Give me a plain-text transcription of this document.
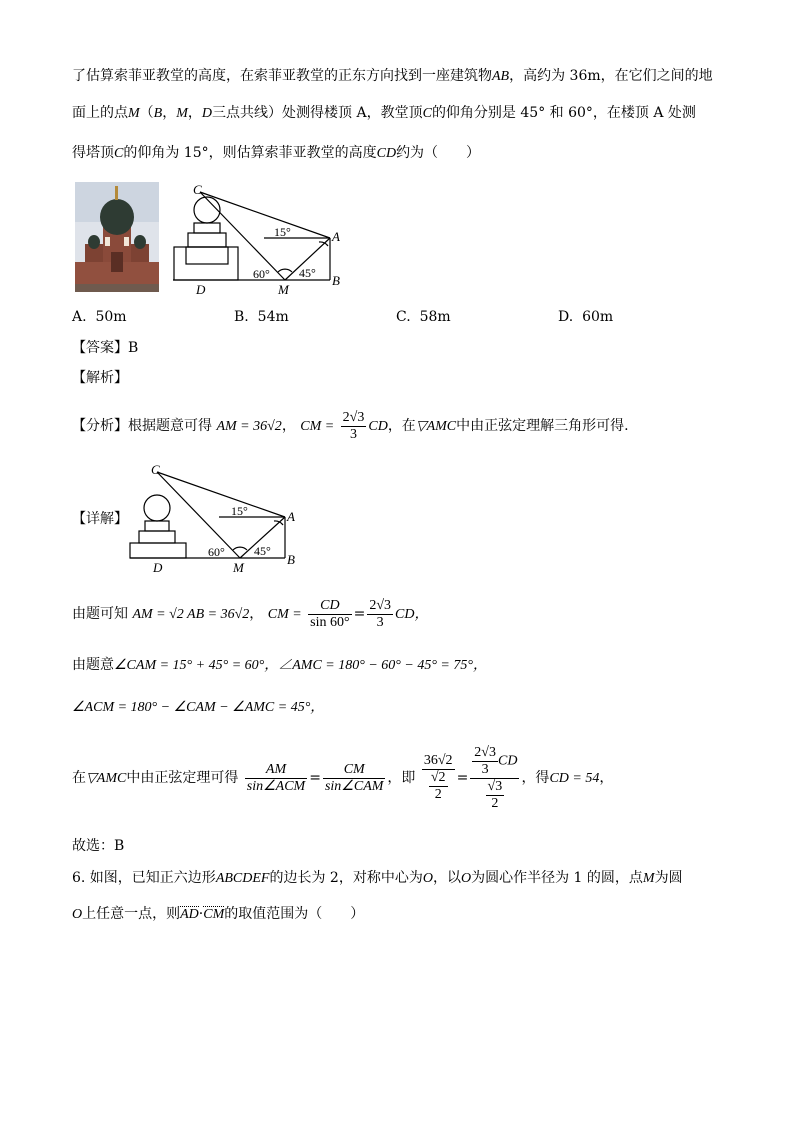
了估算索菲亚教堂的高度，在索菲亚教堂的正东方向找到一座建筑物AB，高约为 36m，在它们之间的地
面上的点M（B，M，D三点共线）处测得楼顶 A，教堂顶C的仰角分别是 45° 和 60°，在楼顶 A 处测
得塔顶C的仰角为 15°，则估算索菲亚教堂的高度CD约为（　　）
C
A
B
D	M
15°
60° 45°
A. 50m	B. 54m	C. 58m	D. 60m
【答案】B
【解析】
【分析】根据题意可得 AM = 36√2， CM = $\frac{2√3}{3}$ CD，在▽AMC中由正弦定理解三角形可得.
【详解】
C
A
B
D	M
15°
60° 45°
由题可知 AM = √2 AB = 36√2， CM = $\frac{CD}{\sin 60^\circ} = \frac{2√3}{3}$ CD，
由题意∠CAM = 15° + 45° = 60°，∠AMC = 180° − 60° − 45° = 75°，
∠ACM = 180° − ∠CAM − ∠AMC = 45°，
在▽AMC中由正弦定理可得 $\frac{AM}{\text{sin∠ACM}} = \frac{CM}{\text{sin∠CAM}}$ ，即 $\frac{36√2}{\frac{√2}{2}} = \frac{\frac{2√3}{3} CD}{\frac{√3}{2}}$ ，得CD = 54，
故选：B
6. 如图，已知正六边形ABCDEF的边长为 2，对称中心为O，以O为圆心作半径为 1 的圆，点M为圆
O上任意一点，则AD·CM的取值范围为（　　）
